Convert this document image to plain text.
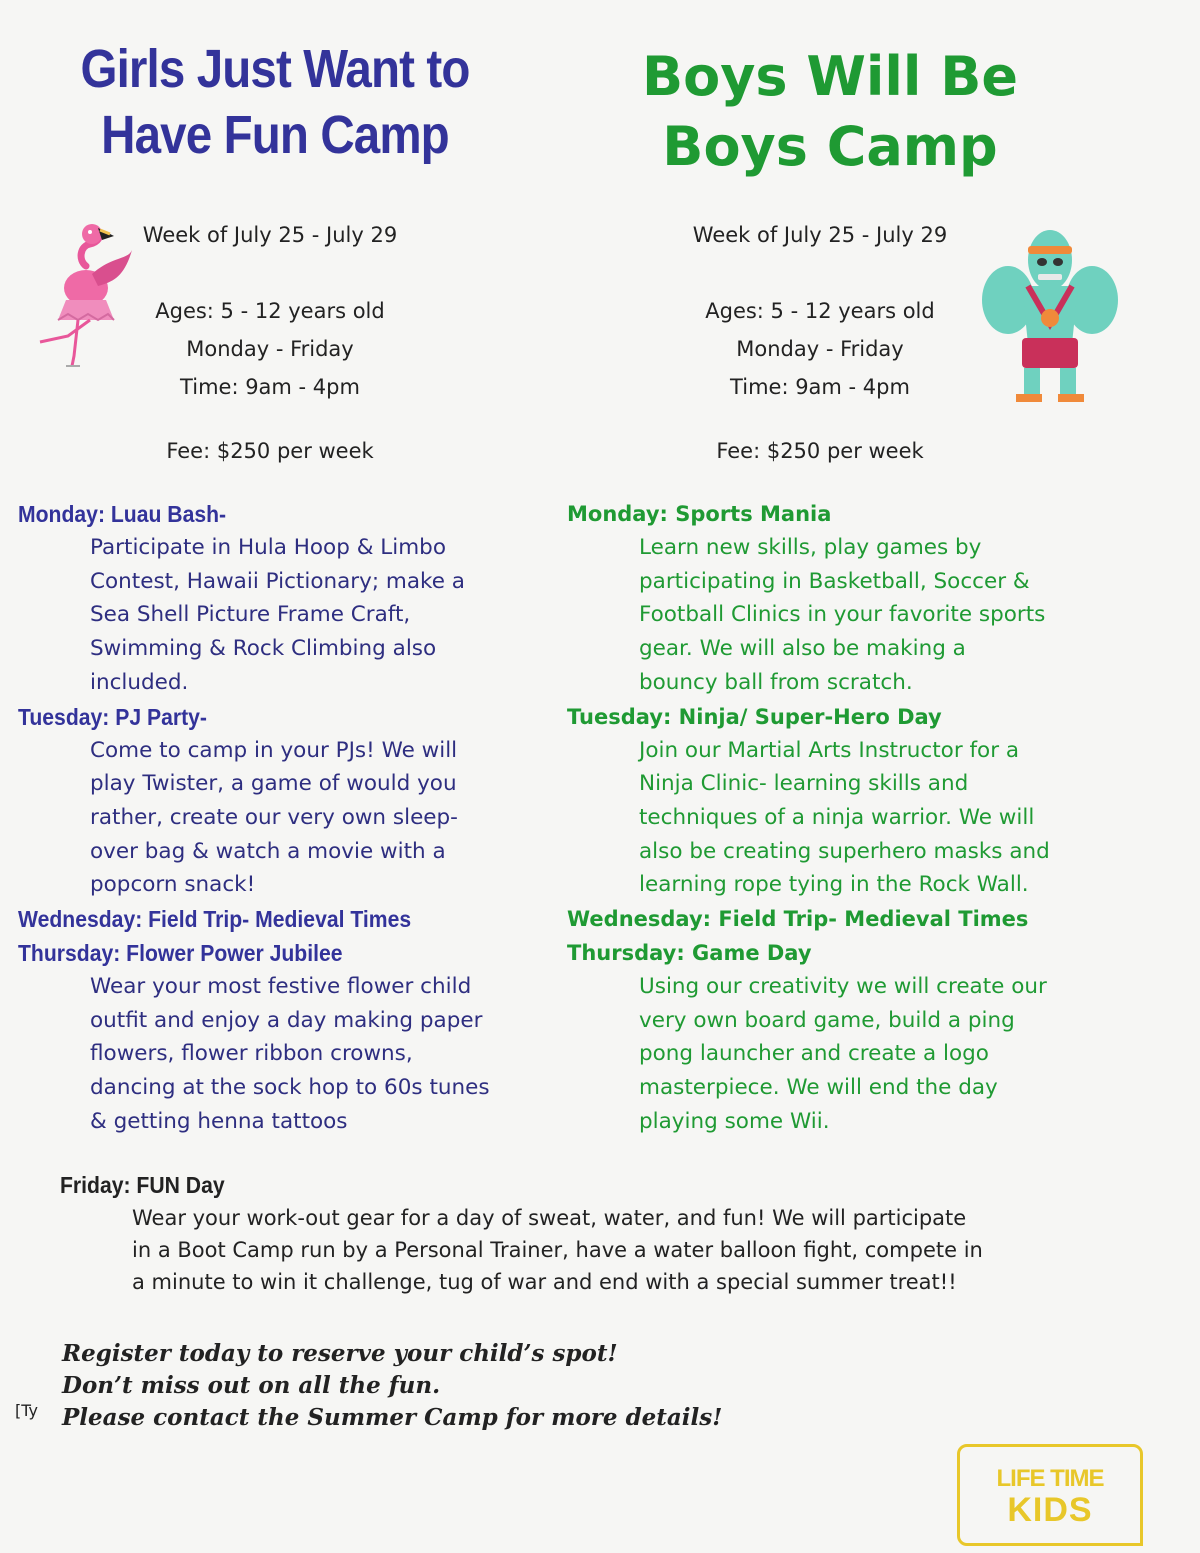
Girls Just Want to
Have Fun Camp
Boys Will Be
Boys Camp
Week of July 25 - July 29
Ages: 5 - 12 years old
Monday - Friday
Time: 9am - 4pm
Fee: $250 per week
Week of July 25 - July 29
Ages: 5 - 12 years old
Monday - Friday
Time: 9am - 4pm
Fee: $250 per week
Monday: Luau Bash-
Participate in Hula Hoop & Limbo
Contest, Hawaii Pictionary; make a
Sea Shell Picture Frame Craft,
Swimming & Rock Climbing also
included.
Tuesday: PJ Party-
Come to camp in your PJs! We will
play Twister, a game of would you
rather, create our very own sleep-
over bag & watch a movie with a
popcorn snack!
Wednesday: Field Trip- Medieval Times
Thursday: Flower Power Jubilee
Wear your most festive flower child
outfit and enjoy a day making paper
flowers, flower ribbon crowns,
dancing at the sock hop to 60s tunes
& getting henna tattoos
Monday: Sports Mania
Learn new skills, play games by
participating in Basketball, Soccer &
Football Clinics in your favorite sports
gear. We will also be making a
bouncy ball from scratch.
Tuesday: Ninja/ Super-Hero Day
Join our Martial Arts Instructor for a
Ninja Clinic- learning skills and
techniques of a ninja warrior. We will
also be creating superhero masks and
learning rope tying in the Rock Wall.
Wednesday: Field Trip- Medieval Times
Thursday: Game Day
Using our creativity we will create our
very own board game, build a ping
pong launcher and create a logo
masterpiece. We will end the day
playing some Wii.
Friday: FUN Day
Wear your work-out gear for a day of sweat, water, and fun! We will participate
in a Boot Camp run by a Personal Trainer, have a water balloon fight, compete in
a minute to win it challenge, tug of war and end with a special summer treat!!
Register today to reserve your child’s spot!
Don’t miss out on all the fun.
Please contact the Summer Camp for more details!
[Ty
LIFE TIME
KIDS
